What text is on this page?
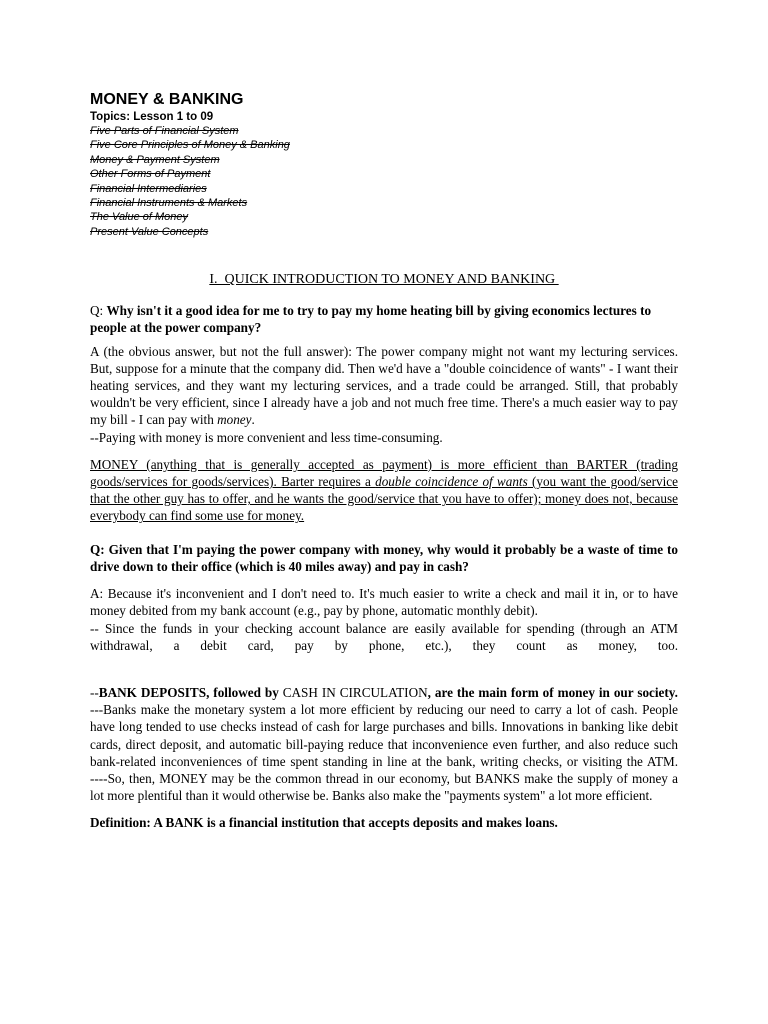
MONEY & BANKING
Topics: Lesson 1 to 09
Five Parts of Financial System
Five Core Principles of Money & Banking
Money & Payment System
Other Forms of Payment
Financial Intermediaries
Financial Instruments & Markets
The Value of Money
Present Value Concepts
I.  QUICK INTRODUCTION TO MONEY AND BANKING

Q: Why isn't it a good idea for me to try to pay my home heating bill by giving economics lectures to people at the power company?

A (the obvious answer, but not the full answer): The power company might not want my lecturing services. But, suppose for a minute that the company did. Then we'd have a "double coincidence of wants" - I want their heating services, and they want my lecturing services, and a trade could be arranged. Still, that probably wouldn't be very efficient, since I already have a job and not much free time. There's a much easier way to pay my bill - I can pay with money.

--Paying with money is more convenient and less time-consuming.

MONEY (anything that is generally accepted as payment) is more efficient than BARTER (trading goods/services for goods/services). Barter requires a double coincidence of wants (you want the good/service that the other guy has to offer, and he wants the good/service that you have to offer); money does not, because everybody can find some use for money.

Q: Given that I'm paying the power company with money, why would it probably be a waste of time to drive down to their office (which is 40 miles away) and pay in cash?

A: Because it's inconvenient and I don't need to. It's much easier to write a check and mail it in, or to have money debited from my bank account (e.g., pay by phone, automatic monthly debit).

-- Since the funds in your checking account balance are easily available for spending (through an ATM withdrawal, a debit card, pay by phone, etc.), they count as money, too.

--BANK DEPOSITS, followed by CASH IN CIRCULATION, are the main form of money in our society.

---Banks make the monetary system a lot more efficient by reducing our need to carry a lot of cash. People have long tended to use checks instead of cash for large purchases and bills. Innovations in banking like debit cards, direct deposit, and automatic bill-paying reduce that inconvenience even further, and also reduce such bank-related inconveniences of time spent standing in line at the bank, writing checks, or visiting the ATM.

----So, then, MONEY may be the common thread in our economy, but BANKS make the supply of money a lot more plentiful than it would otherwise be. Banks also make the "payments system" a lot more efficient.

Definition: A BANK is a financial institution that accepts deposits and makes loans.
